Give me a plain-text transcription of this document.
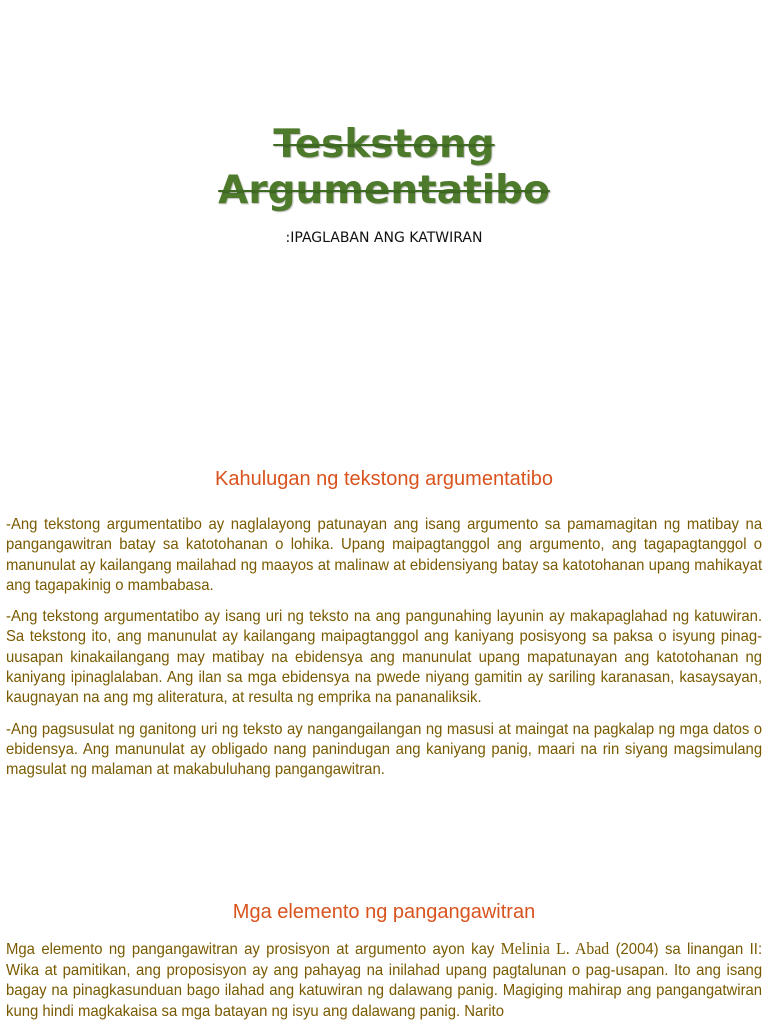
Teskstong
Argumentatibo
:IPAGLABAN ANG KATWIRAN
Kahulugan ng tekstong argumentatibo

-Ang tekstong argumentatibo ay naglalayong patunayan ang isang argumento sa pamamagitan ng matibay na pangangawitran batay sa katotohanan o lohika. Upang maipagtanggol ang argumento, ang tagapagtanggol o manunulat ay kailangang mailahad ng maayos at malinaw at ebidensiyang batay sa katotohanan upang mahikayat ang tagapakinig o mambabasa.

-Ang tekstong argumentatibo ay isang uri ng teksto na ang pangunahing layunin ay makapaglahad ng katuwiran. Sa tekstong ito, ang manunulat ay kailangang maipagtanggol ang kaniyang posisyong sa paksa o isyung pinag-uusapan kinakailangang may matibay na ebidensya ang manunulat upang mapatunayan ang katotohanan ng kaniyang ipinaglalaban. Ang ilan sa mga ebidensya na pwede niyang gamitin ay sariling karanasan, kasaysayan, kaugnayan na ang mg aliteratura, at resulta ng emprika na pananaliksik.

-Ang pagsusulat ng ganitong uri ng teksto ay nangangailangan ng masusi at maingat na pagkalap ng mga datos o ebidensya. Ang manunulat ay obligado nang panindugan ang kaniyang panig, maari na rin siyang magsimulang magsulat ng malaman at makabuluhang pangangawitran.

Mga elemento ng pangangawitran

Mga elemento ng pangangawitran ay prosisyon at argumento ayon kay Melinia L. Abad (2004) sa linangan II: Wika at pamitikan, ang proposisyon ay ang pahayag na inilahad upang pagtalunan o pag-usapan. Ito ang isang bagay na pinagkasunduan bago ilahad ang katuwiran ng dalawang panig. Magiging mahirap ang pangangatwiran kung hindi magkakaisa sa mga batayan ng isyu ang dalawang panig. Narito
